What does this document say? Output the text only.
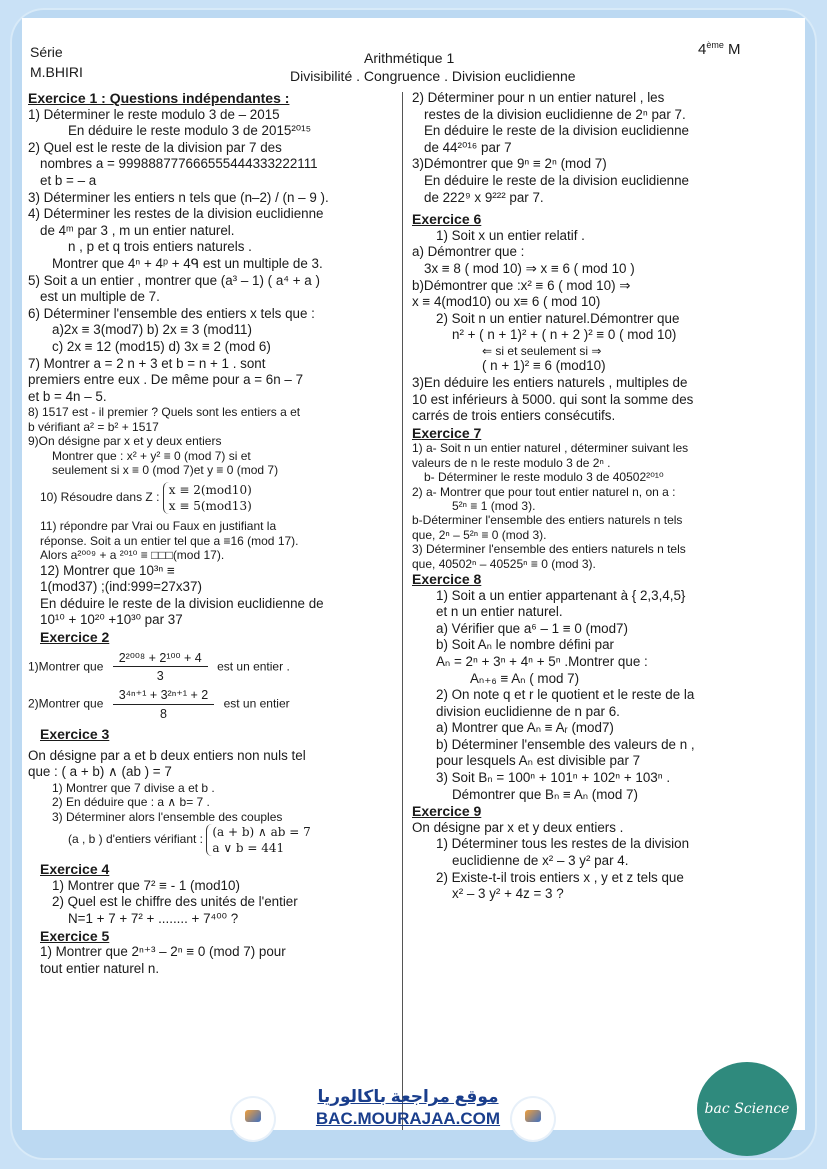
Série
M.BHIRI
Arithmétique 1
Divisibilité . Congruence . Division euclidienne
4ème M

Exercice 1 : Questions indépendantes :

1) Déterminer le reste modulo 3 de – 2015

En déduire le reste modulo 3 de 2015²⁰¹⁵

2) Quel est le reste de la division par 7 des

nombres a = 999888777666555444333222111

et b = – a

3) Déterminer les entiers n tels que (n–2) / (n – 9 ).

4) Déterminer les restes de la division euclidienne

de 4ᵐ par 3 , m un entier naturel.

n , p et q trois entiers naturels .

Montrer que 4ⁿ + 4ᵖ + 4ᑫ est un multiple de 3.

5) Soit a un entier , montrer que (a³ – 1) ( a⁴ + a )

est un multiple de 7.

6) Déterminer l'ensemble des entiers x tels que :

a)2x ≡ 3(mod7) b) 2x ≡ 3 (mod11)

c) 2x ≡ 12 (mod15) d) 3x ≡ 2 (mod 6)

7) Montrer a = 2 n + 3 et b = n + 1 . sont

premiers entre eux . De même pour a = 6n – 7

et b = 4n – 5.

8) 1517 est - il premier ? Quels sont les entiers a et

b vérifiant a² = b² + 1517

9)On désigne par x et y deux entiers

Montrer que : x² + y² ≡ 0 (mod 7) si et

seulement si x ≡ 0 (mod 7)et y ≡ 0 (mod 7)

10) Résoudre dans Z : x ≡ 2(mod10)
x ≡ 5(mod13)

11) répondre par Vrai ou Faux en justifiant la

réponse. Soit a un entier tel que a ≡16 (mod 17).

Alors a²⁰⁰⁹ + a ²⁰¹⁰ ≡ □□□(mod 17).

12) Montrer que 10³ⁿ ≡

1(mod37) ;(ind:999=27x37)

En déduire le reste de la division euclidienne de

10¹⁰ + 10²⁰ +10³⁰ par 37

Exercice 2

1)Montrer que $\frac{\text{2²⁰⁰⁸ + 2¹⁰⁰ + 4}}{3}$ est un entier .

2)Montrer que $\frac{\text{3⁴ⁿ⁺¹ + 3²ⁿ⁺¹ + 2}}{8}$ est un entier

Exercice 3

On désigne par a et b deux entiers non nuls tel

que : ( a + b) ∧ (ab ) = 7

1) Montrer que 7 divise a et b .

2) En déduire que : a ∧ b= 7 .

3) Déterminer alors l'ensemble des couples

(a , b ) d'entiers vérifiant : (a + b) ∧ ab = 7
a ∨ b = 441

Exercice 4

1) Montrer que 7² ≡ - 1 (mod10)

2) Quel est le chiffre des unités de l'entier

N=1 + 7 + 7² + ........ + 7⁴⁰⁰ ?

Exercice 5

1) Montrer que 2ⁿ⁺³ – 2ⁿ ≡ 0 (mod 7) pour

tout entier naturel n.

2) Déterminer pour n un entier naturel , les

restes de la division euclidienne de 2ⁿ par 7.

En déduire le reste de la division euclidienne

de 44²⁰¹⁶ par 7

3)Démontrer que 9ⁿ ≡ 2ⁿ (mod 7)

En déduire le reste de la division euclidienne

de 222⁹ x 9²²² par 7.

Exercice 6

1) Soit x un entier relatif .

a) Démontrer que :

3x ≡ 8 ( mod 10) ⇒ x ≡ 6 ( mod 10 )

b)Démontrer que :x² ≡ 6 ( mod 10) ⇒

x ≡ 4(mod10) ou x≡ 6 ( mod 10)

2) Soit n un entier naturel.Démontrer que

n² + ( n + 1)² + ( n + 2 )² ≡ 0 ( mod 10)

⇐ si et seulement si ⇒

( n + 1)² ≡ 6 (mod10)

3)En déduire les entiers naturels , multiples de

10 est inférieurs à 5000. qui sont la somme des

carrés de trois entiers consécutifs.

Exercice 7

1) a- Soit n un entier naturel , déterminer suivant les

valeurs de n le reste modulo 3 de 2ⁿ .

b- Déterminer le reste modulo 3 de 40502²⁰¹⁰

2) a- Montrer que pour tout entier naturel n, on a :

5²ⁿ ≡ 1 (mod 3).

b-Déterminer l'ensemble des entiers naturels n tels

que, 2ⁿ – 5²ⁿ ≡ 0 (mod 3).

3) Déterminer l'ensemble des entiers naturels n tels

que, 40502ⁿ – 40525ⁿ ≡ 0 (mod 3).

Exercice 8

1) Soit a un entier appartenant à { 2,3,4,5}

et n un entier naturel.

a) Vérifier que a⁶ – 1 ≡ 0 (mod7)

b) Soit Aₙ le nombre défini par

Aₙ = 2ⁿ + 3ⁿ + 4ⁿ + 5ⁿ .Montrer que :

Aₙ₊₆ ≡ Aₙ ( mod 7)

2) On note q et r le quotient et le reste de la

division euclidienne de n par 6.

a) Montrer que Aₙ ≡ Aᵣ (mod7)

b) Déterminer l'ensemble des valeurs de n ,

pour lesquels Aₙ est divisible par 7

3) Soit Bₙ = 100ⁿ + 101ⁿ + 102ⁿ + 103ⁿ .

Démontrer que Bₙ ≡ Aₙ (mod 7)

Exercice 9

On désigne par x et y deux entiers .

1) Déterminer tous les restes de la division

euclidienne de x² – 3 y² par 4.

2) Existe-t-il trois entiers x , y et z tels que

x² – 3 y² + 4z = 3 ?

موقع مراجعة باكالوريا
BAC.MOURAJAA.COM	bac Science
